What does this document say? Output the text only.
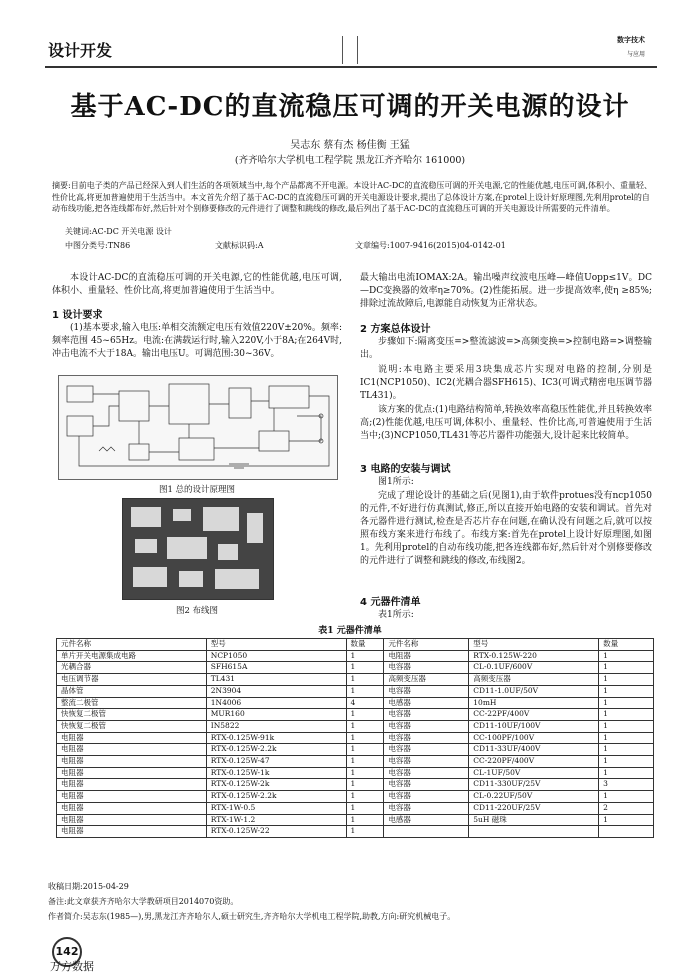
设计开发
数字技术
与应用
基于AC-DC的直流稳压可调的开关电源的设计
吴志东 蔡有杰 杨佳衡 王猛
(齐齐哈尔大学机电工程学院 黑龙江齐齐哈尔 161000)
摘要:目前电子类的产品已经深入到人们生活的各项领域当中,每个产品都离不开电源。本设计AC-DC的直流稳压可调的开关电源,它的性能优越,电压可调,体积小、重量轻、性价比高,将更加普遍使用于生活当中。本文首先介绍了基于AC-DC的直流稳压可调的开关电源设计要求,提出了总体设计方案,在protel上设计好原理图,先利用protel的自动布线功能,把各连线都布好,然后针对个别修要修改的元件进行了调整和跳线的修改,最后列出了基于AC-DC的直流稳压可调的开关电源设计所需要的元件清单。
关键词:AC-DC 开关电源 设计
中图分类号:TN86	文献标识码:A	文章编号:1007-9416(2015)04-0142-01
本设计AC-DC的直流稳压可调的开关电源,它的性能优越,电压可调,体积小、重量轻、性价比高,将更加普遍使用于生活当中。
1 设计要求
(1)基本要求,输入电压:单相交流额定电压有效值220V±20%。频率:频率范围 45~65Hz。电流:在满载运行时,输入220V,小于8A;在264V时,冲击电流不大于18A。输出电压U。可调范围:30~36V。
图1 总的设计原理图
图2 布线图
最大输出电流IOMAX:2A。输出噪声纹波电压峰—峰值Uopp≤1V。DC—DC变换器的效率η≥70%。(2)性能拓展。进一步提高效率,使η ≥85%;排除过流故障后,电源能自动恢复为正常状态。
2 方案总体设计
步骤如下:隔离变压=>整流滤波=>高频变换=>控制电路=>调整输出。
说明:本电路主要采用3块集成芯片实现对电路的控制,分别是IC1(NCP1050)、IC2(光耦合器SFH615)、IC3(可调式精密电压调节器TL431)。
该方案的优点:(1)电路结构简单,转换效率高稳压性能优,并且转换效率高;(2)性能优越,电压可调,体积小、重量轻、性价比高,可普遍使用于生活当中;(3)NCP1050,TL431等芯片器件功能强大,设计起来比较简单。
3 电路的安装与调试
图1所示:
完成了理论设计的基础之后(见图1),由于软件protues没有ncp1050的元件,不好进行仿真测试,修正,所以直接开始电路的安装和调试。首先对各元器件进行测试,检查是否芯片存在问题,在确认没有问题之后,就可以按照布线方案来进行布线了。布线方案:首先在protel上设计好原理图,如图1。先利用protel的自动布线功能,把各连线都布好,然后针对个别修要修改的元件进行了调整和跳线的修改,布线图2。
4 元器件清单
表1所示:
表1 元器件清单
元件名称	型号	数量	元件名称	型号	数量
单片开关电源集成电路	NCP1050	1	电阻器	RTX-0.125W-220	1
光耦合器	SFH615A	1	电容器	CL-0.1UF/600V	1
电压调节器	TL431	1	高频变压器	高频变压器	1
晶体管	2N3904	1	电容器	CD11-1.0UF/50V	1
整流二极管	1N4006	4	电感器	10mH	1
快恢复二极管	MUR160	1	电容器	CC-22PF/400V	1
快恢复二极管	IN5822	1	电容器	CD11-10UF/100V	1
电阻器	RTX-0.125W-91k	1	电容器	CC-100PF/100V	1
电阻器	RTX-0.125W-2.2k	1	电容器	CD11-33UF/400V	1
电阻器	RTX-0.125W-47	1	电容器	CC-220PF/400V	1
电阻器	RTX-0.125W-1k	1	电容器	CL-1UF/50V	1
电阻器	RTX-0.125W-2k	1	电容器	CD11-330UF/25V	3
电阻器	RTX-0.125W-2.2k	1	电容器	CL-0.22UF/50V	1
电阻器	RTX-1W-0.5	1	电容器	CD11-220UF/25V	2
电阻器	RTX-1W-1.2	1	电感器	5uH 磁珠	1
电阻器	RTX-0.125W-22	1			
收稿日期:2015-04-29
备注:此文章获齐齐哈尔大学教研项目2014070资助。
作者简介:吴志东(1985—),男,黑龙江齐齐哈尔人,硕士研究生,齐齐哈尔大学机电工程学院,助教,方向:研究机械电子。
142
万方数据
